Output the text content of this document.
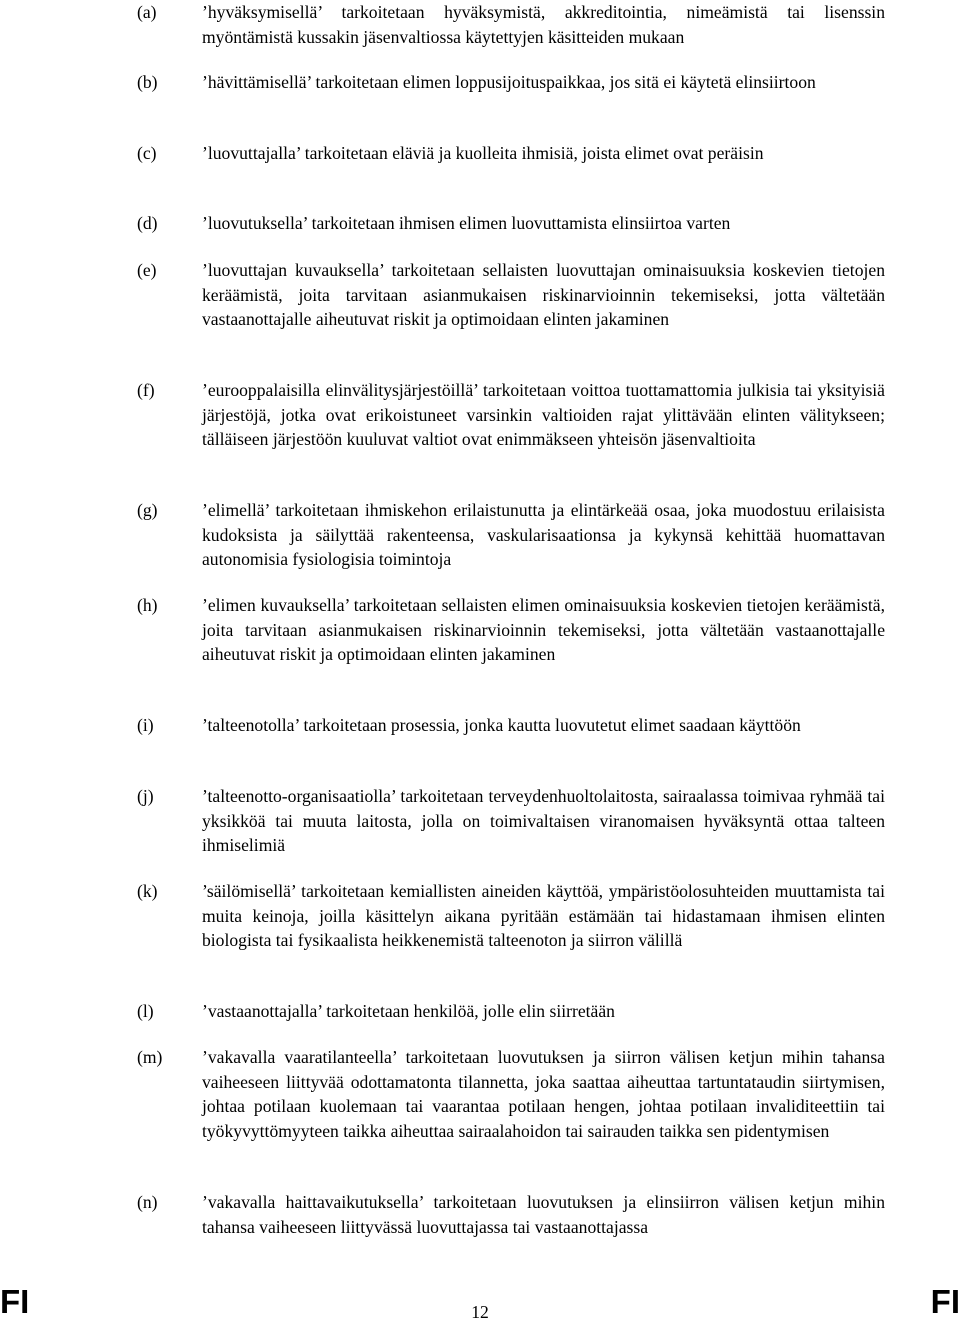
(a)	’hyväksymisellä’ tarkoitetaan hyväksymistä, akkreditointia, nimeämistä tai lisenssin myöntämistä kussakin jäsenvaltiossa käytettyjen käsitteiden mukaan
(b)	’hävittämisellä’ tarkoitetaan elimen loppusijoituspaikkaa, jos sitä ei käytetä elinsiirtoon
(c)	’luovuttajalla’ tarkoitetaan eläviä ja kuolleita ihmisiä, joista elimet ovat peräisin
(d)	’luovutuksella’ tarkoitetaan ihmisen elimen luovuttamista elinsiirtoa varten
(e)	’luovuttajan kuvauksella’ tarkoitetaan sellaisten luovuttajan ominaisuuksia koskevien tietojen keräämistä, joita tarvitaan asianmukaisen riskinarvioinnin tekemiseksi, jotta vältetään vastaanottajalle aiheutuvat riskit ja optimoidaan elinten jakaminen
(f)	’eurooppalaisilla elinvälitysjärjestöillä’ tarkoitetaan voittoa tuottamattomia julkisia tai yksityisiä järjestöjä, jotka ovat erikoistuneet varsinkin valtioiden rajat ylittävään elinten välitykseen; tälläiseen järjestöön kuuluvat valtiot ovat enimmäkseen yhteisön jäsenvaltioita
(g)	’elimellä’ tarkoitetaan ihmiskehon erilaistunutta ja elintärkeää osaa, joka muodostuu erilaisista kudoksista ja säilyttää rakenteensa, vaskularisaationsa ja kykynsä kehittää huomattavan autonomisia fysiologisia toimintoja
(h)	’elimen kuvauksella’ tarkoitetaan sellaisten elimen ominaisuuksia koskevien tietojen keräämistä, joita tarvitaan asianmukaisen riskinarvioinnin tekemiseksi, jotta vältetään vastaanottajalle aiheutuvat riskit ja optimoidaan elinten jakaminen
(i)	’talteenotolla’ tarkoitetaan prosessia, jonka kautta luovutetut elimet saadaan käyttöön
(j)	’talteenotto-organisaatiolla’ tarkoitetaan terveydenhuoltolaitosta, sairaalassa toimivaa ryhmää tai yksikköä tai muuta laitosta, jolla on toimivaltaisen viranomaisen hyväksyntä ottaa talteen ihmiselimiä
(k)	’säilömisellä’ tarkoitetaan kemiallisten aineiden käyttöä, ympäristöolosuhteiden muuttamista tai muita keinoja, joilla käsittelyn aikana pyritään estämään tai hidastamaan ihmisen elinten biologista tai fysikaalista heikkenemistä talteenoton ja siirron välillä
(l)	’vastaanottajalla’ tarkoitetaan henkilöä, jolle elin siirretään
(m) ’vakavalla vaaratilanteella’ tarkoitetaan luovutuksen ja siirron välisen ketjun mihin tahansa vaiheeseen liittyvää odottamatonta tilannetta, joka saattaa aiheuttaa tartuntataudin siirtymisen, johtaa potilaan kuolemaan tai vaarantaa potilaan hengen, johtaa potilaan invaliditeettiin tai työkyvyttömyyteen taikka aiheuttaa sairaalahoidon tai sairauden taikka sen pidentymisen
(n)	’vakavalla haittavaikutuksella’ tarkoitetaan luovutuksen ja elinsiirron välisen ketjun mihin tahansa vaiheeseen liittyvässä luovuttajassa tai vastaanottajassa
FI	12	FI
